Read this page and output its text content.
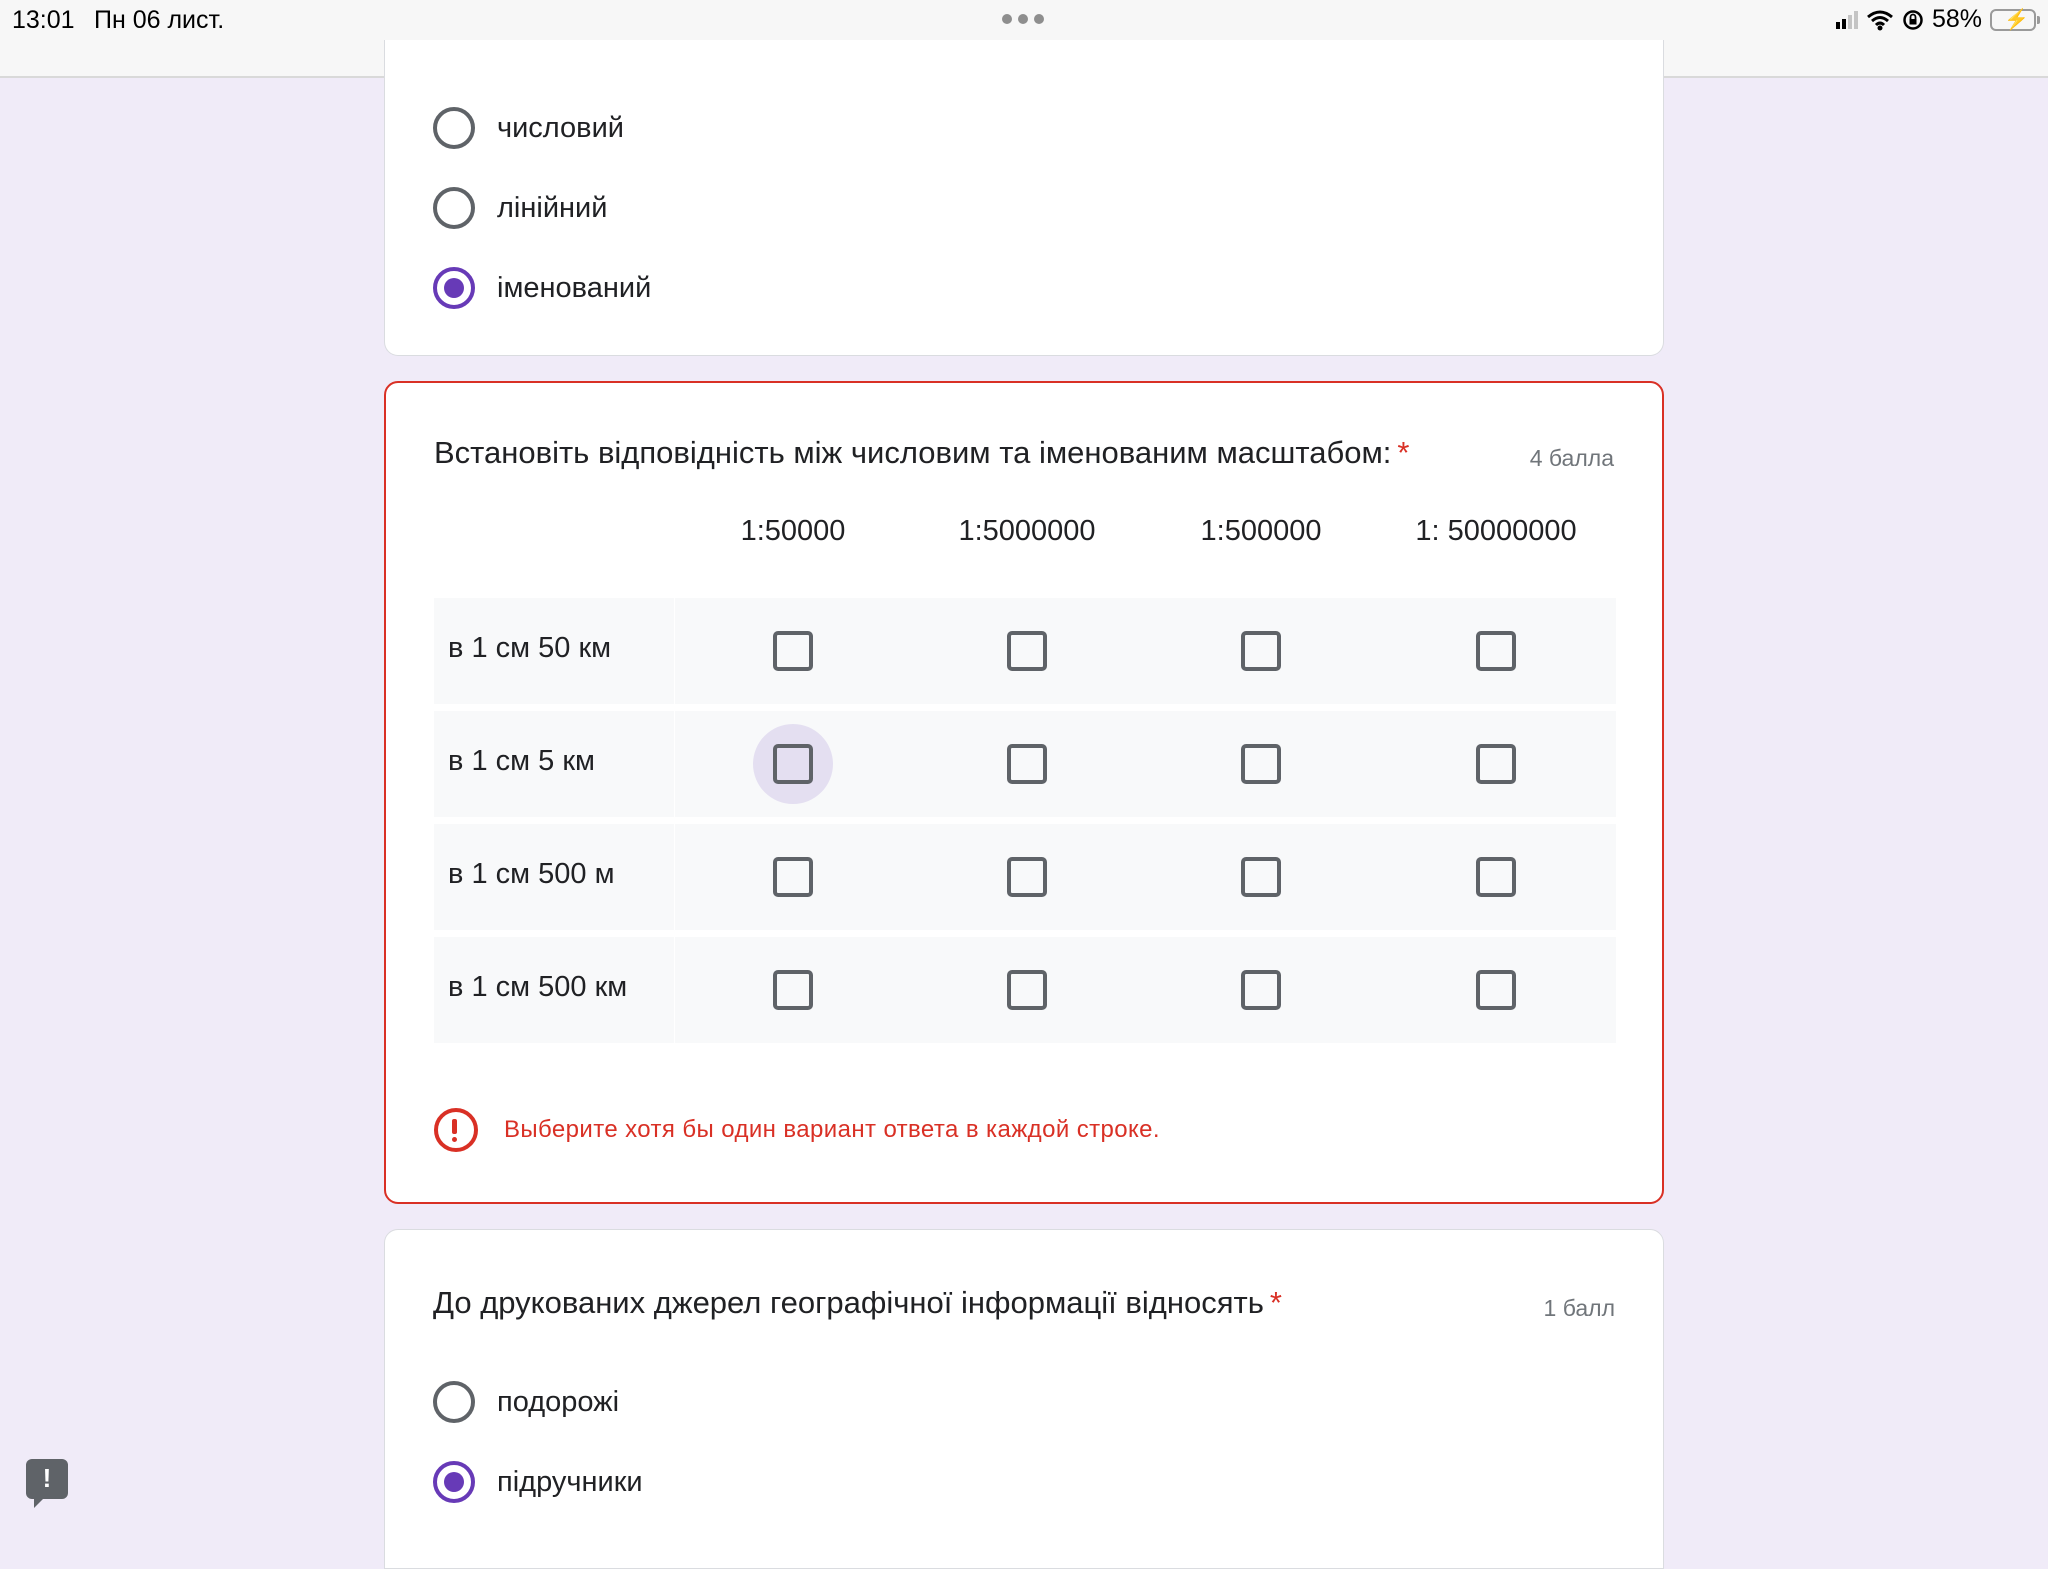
13:01 Пн 06 лист.	58% ⚡
числовий
лінійний
іменований
Встановіть відповідність між числовим та іменованим масштабом: *	4 балла
1:50000	1:5000000	1:500000	1: 50000000
в 1 см 50 км
в 1 см 5 км
в 1 см 500 м
в 1 см 500 км
Выберите хотя бы один вариант ответа в каждой строке.
До друкованих джерел географічної інформації відносять *	1 балл
подорожі
підручники
!
